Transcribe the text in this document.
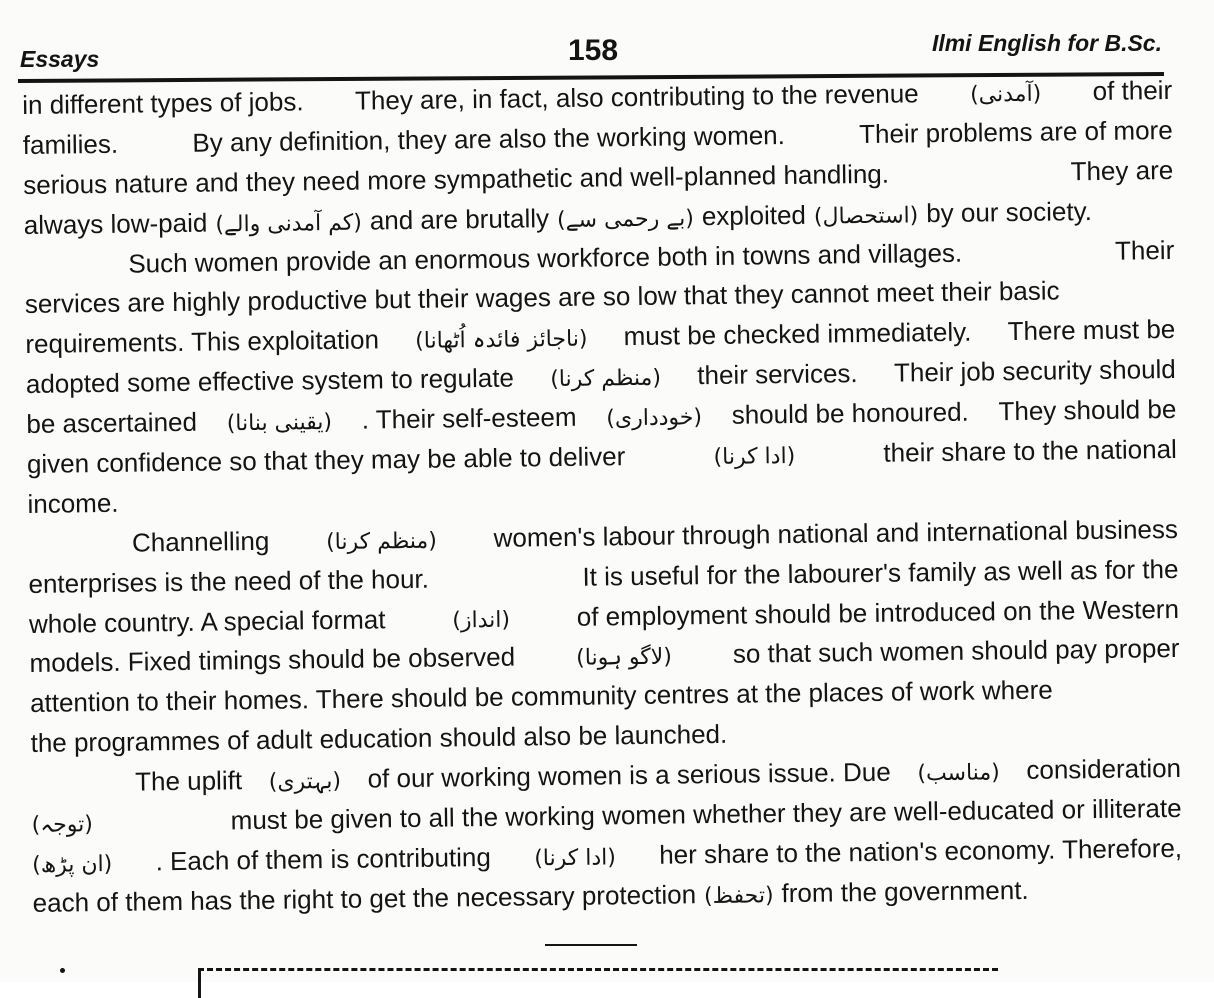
Essays	158	Ilmi English for B.Sc.
in different types of jobs. They are, in fact, also contributing to the revenue (آمدنی) of their
families.	By any definition, they are also the working women.	Their problems are of more
serious nature and they need more sympathetic and well-planned handling.	They are
always low-paid (کم آمدنی والے) and are brutally (بے رحمی سے) exploited (استحصال) by our society.
Such women provide an enormous workforce both in towns and villages.	Their
services are highly productive but their wages are so low that they cannot meet their basic
requirements. This exploitation (ناجائز فائدہ اُٹھانا) must be checked immediately. There must be
adopted some effective system to regulate (منظم کرنا) their services. Their job security should
be ascertained (یقینی بنانا) . Their self-esteem (خودداری) should be honoured. They should be
given confidence so that they may be able to deliver	(ادا کرنا)	their share to the national
income.
Channelling	(منظم کرنا) women's labour through national and international business
enterprises is the need of the hour.	It is useful for the labourer's family as well as for the
whole country. A special format	(انداز)	of employment should be introduced on the Western
models. Fixed timings should be observed	(لاگو ہونا) so that such women should pay proper
attention to their homes. There should be community centres at the places of work where
the programmes of adult education should also be launched.
The uplift (بہتری) of our working women is a serious issue. Due (مناسب) consideration
(توجہ)	must be given to all the working women whether they are well-educated or illiterate
(ان پڑھ) . Each of them is contributing (ادا کرنا) her share to the nation's economy. Therefore,
each of them has the right to get the necessary protection (تحفظ) from the government.
